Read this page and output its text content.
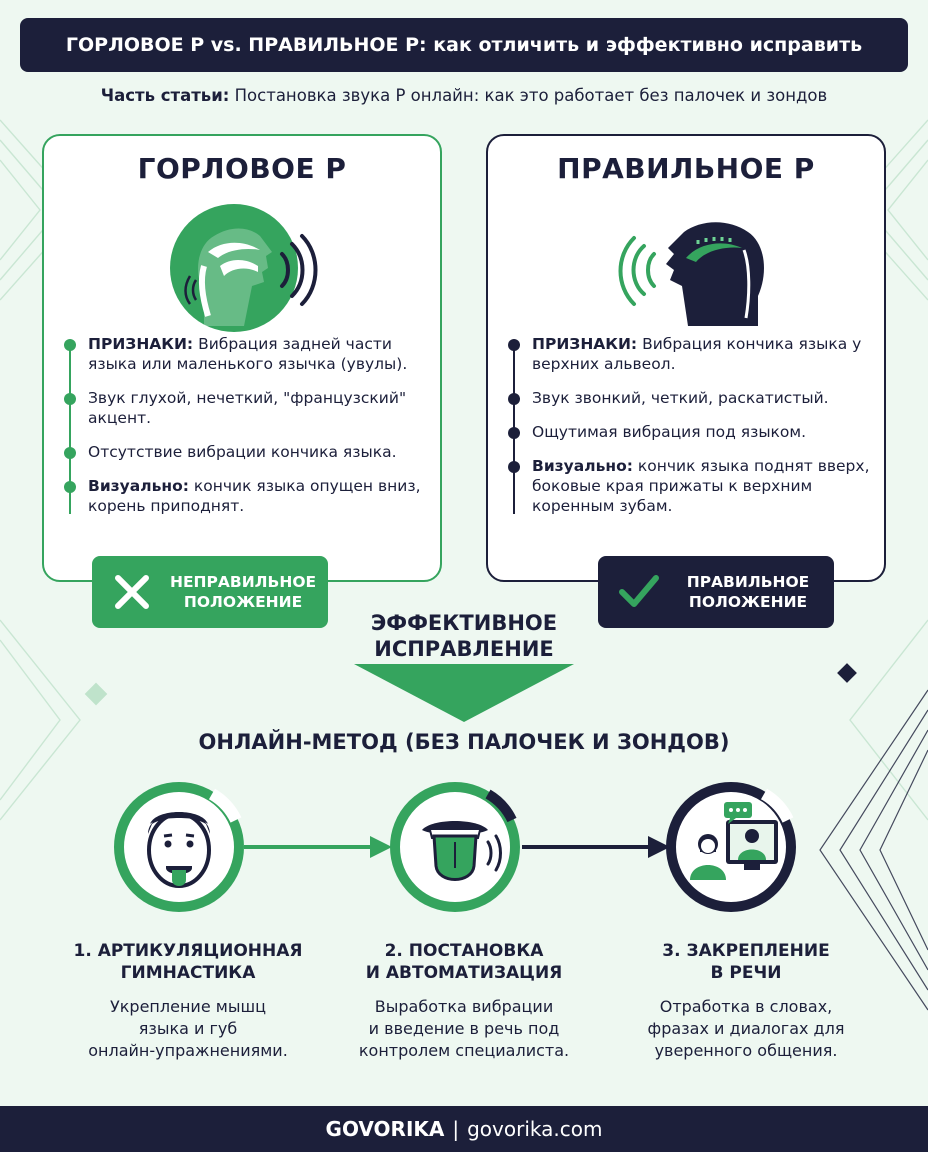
ГОРЛОВОЕ Р vs. ПРАВИЛЬНОЕ Р: как отличить и эффективно исправить
Часть статьи: Постановка звука Р онлайн: как это работает без палочек и зондов
ГОРЛОВОЕ Р
ПРИЗНАКИ: Вибрация задней части языка или маленького язычка (увулы).
Звук глухой, нечеткий, "французский" акцент.
Отсутствие вибрации кончика языка.
Визуально: кончик языка опущен вниз, корень приподнят.
НЕПРАВИЛЬНОЕ ПОЛОЖЕНИЕ
ПРАВИЛЬНОЕ Р
ПРИЗНАКИ: Вибрация кончика языка у верхних альвеол.
Звук звонкий, четкий, раскатистый.
Ощутимая вибрация под языком.
Визуально: кончик языка поднят вверх, боковые края прижаты к верхним коренным зубам.
ПРАВИЛЬНОЕ ПОЛОЖЕНИЕ
ЭФФЕКТИВНОЕ
ИСПРАВЛЕНИЕ
ОНЛАЙН-МЕТОД (БЕЗ ПАЛОЧЕК И ЗОНДОВ)
1. АРТИКУЛЯЦИОННАЯ
ГИМНАСТИКА
Укрепление мышц
языка и губ
онлайн-упражнениями.
2. ПОСТАНОВКА
И АВТОМАТИЗАЦИЯ
Выработка вибрации
и введение в речь под
контролем специалиста.
3. ЗАКРЕПЛЕНИЕ
В РЕЧИ
Отработка в словах,
фразах и диалогах для
уверенного общения.
GOVORIKA | govorika.com
